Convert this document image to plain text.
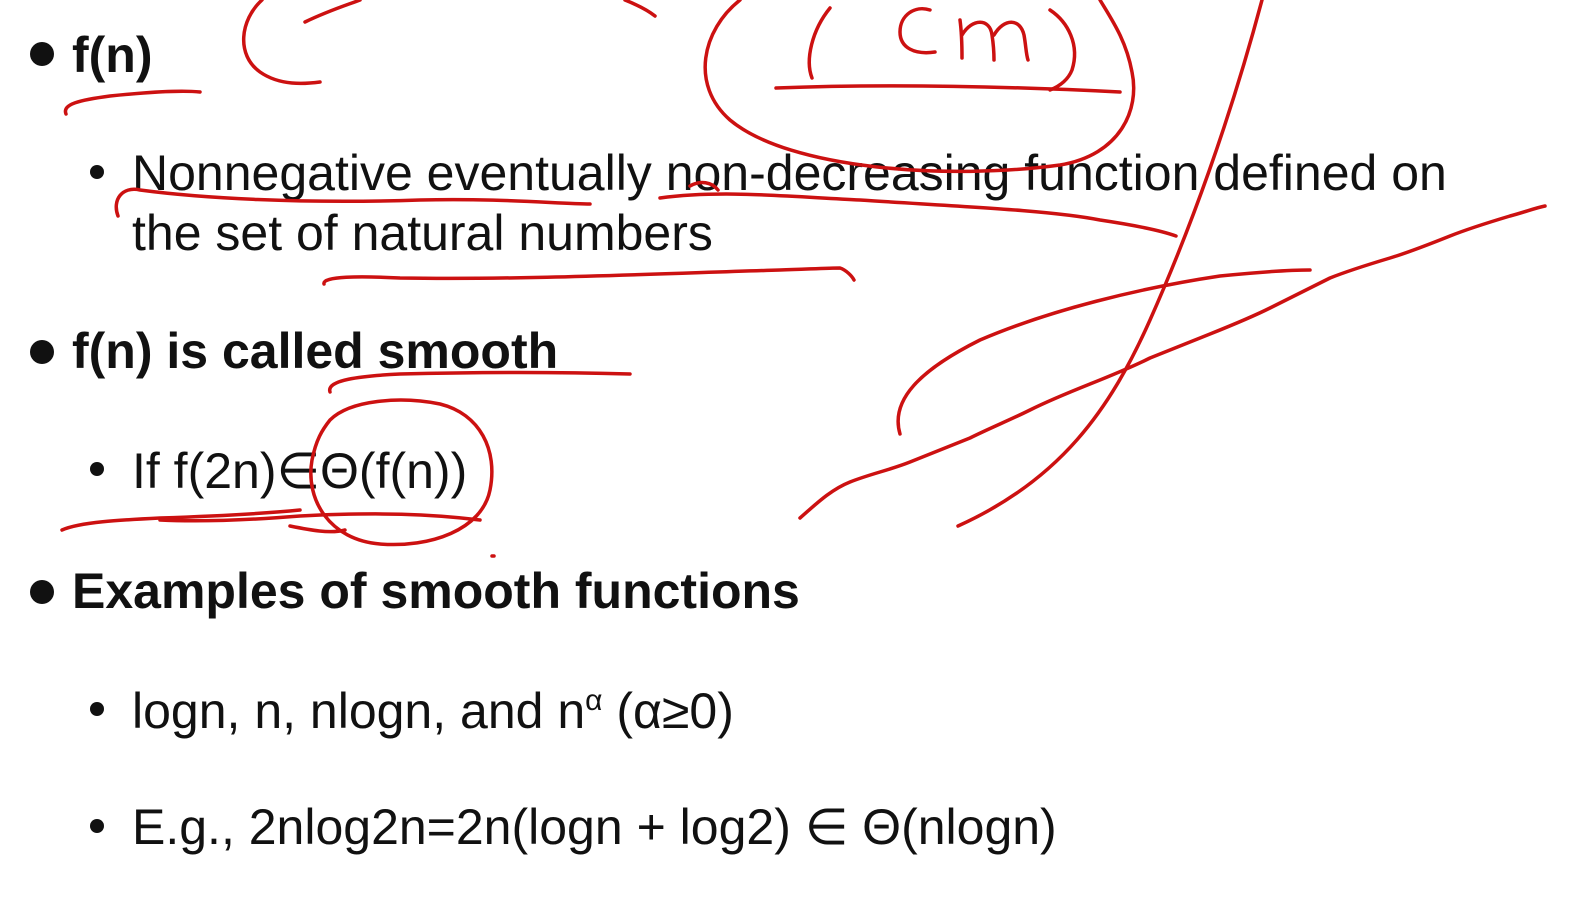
f(n)
Nonnegative eventually non-decreasing function defined on
the set of natural numbers
f(n) is called smooth
If f(2n)∈Θ(f(n))
Examples of smooth functions
logn, n, nlogn, and $n^\alpha$ (α≥0)
E.g., 2nlog2n=2n(logn + log2) ∈ Θ(nlogn)
